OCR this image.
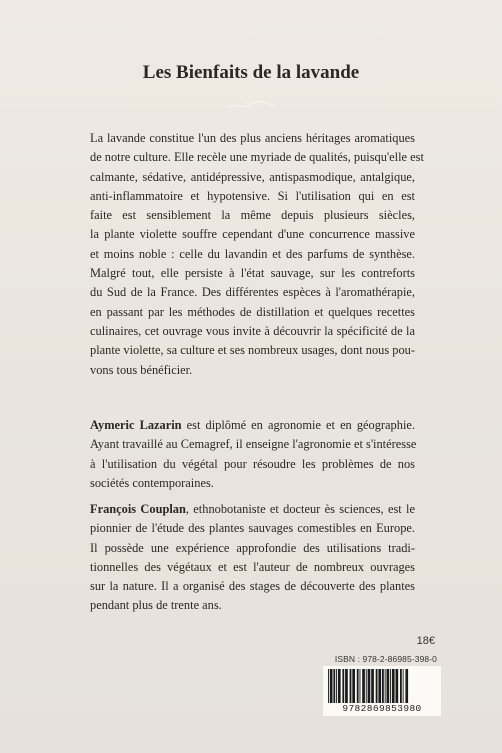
Les Bienfaits de la lavande
La lavande constitue l'un des plus anciens héritages aromatiques
de notre culture. Elle recèle une myriade de qualités, puisqu'elle est
calmante, sédative, antidépressive, antispasmodique, antalgique,
anti-inflammatoire et hypotensive. Si l'utilisation qui en est
faite est sensiblement la même depuis plusieurs siècles,
la plante violette souffre cependant d'une concurrence massive
et moins noble : celle du lavandin et des parfums de synthèse.
Malgré tout, elle persiste à l'état sauvage, sur les contreforts
du Sud de la France. Des différentes espèces à l'aromathérapie,
en passant par les méthodes de distillation et quelques recettes
culinaires, cet ouvrage vous invite à découvrir la spécificité de la
plante violette, sa culture et ses nombreux usages, dont nous pou-
vons tous bénéficier.
Aymeric Lazarin est diplômé en agronomie et en géographie.
Ayant travaillé au Cemagref, il enseigne l'agronomie et s'intéresse
à l'utilisation du végétal pour résoudre les problèmes de nos
sociétés contemporaines.
François Couplan, ethnobotaniste et docteur ès sciences, est le
pionnier de l'étude des plantes sauvages comestibles en Europe.
Il possède une expérience approfondie des utilisations tradi-
tionnelles des végétaux et est l'auteur de nombreux ouvrages
sur la nature. Il a organisé des stages de découverte des plantes
pendant plus de trente ans.
18€
ISBN : 978-2-86985-398-0
9782869853980
